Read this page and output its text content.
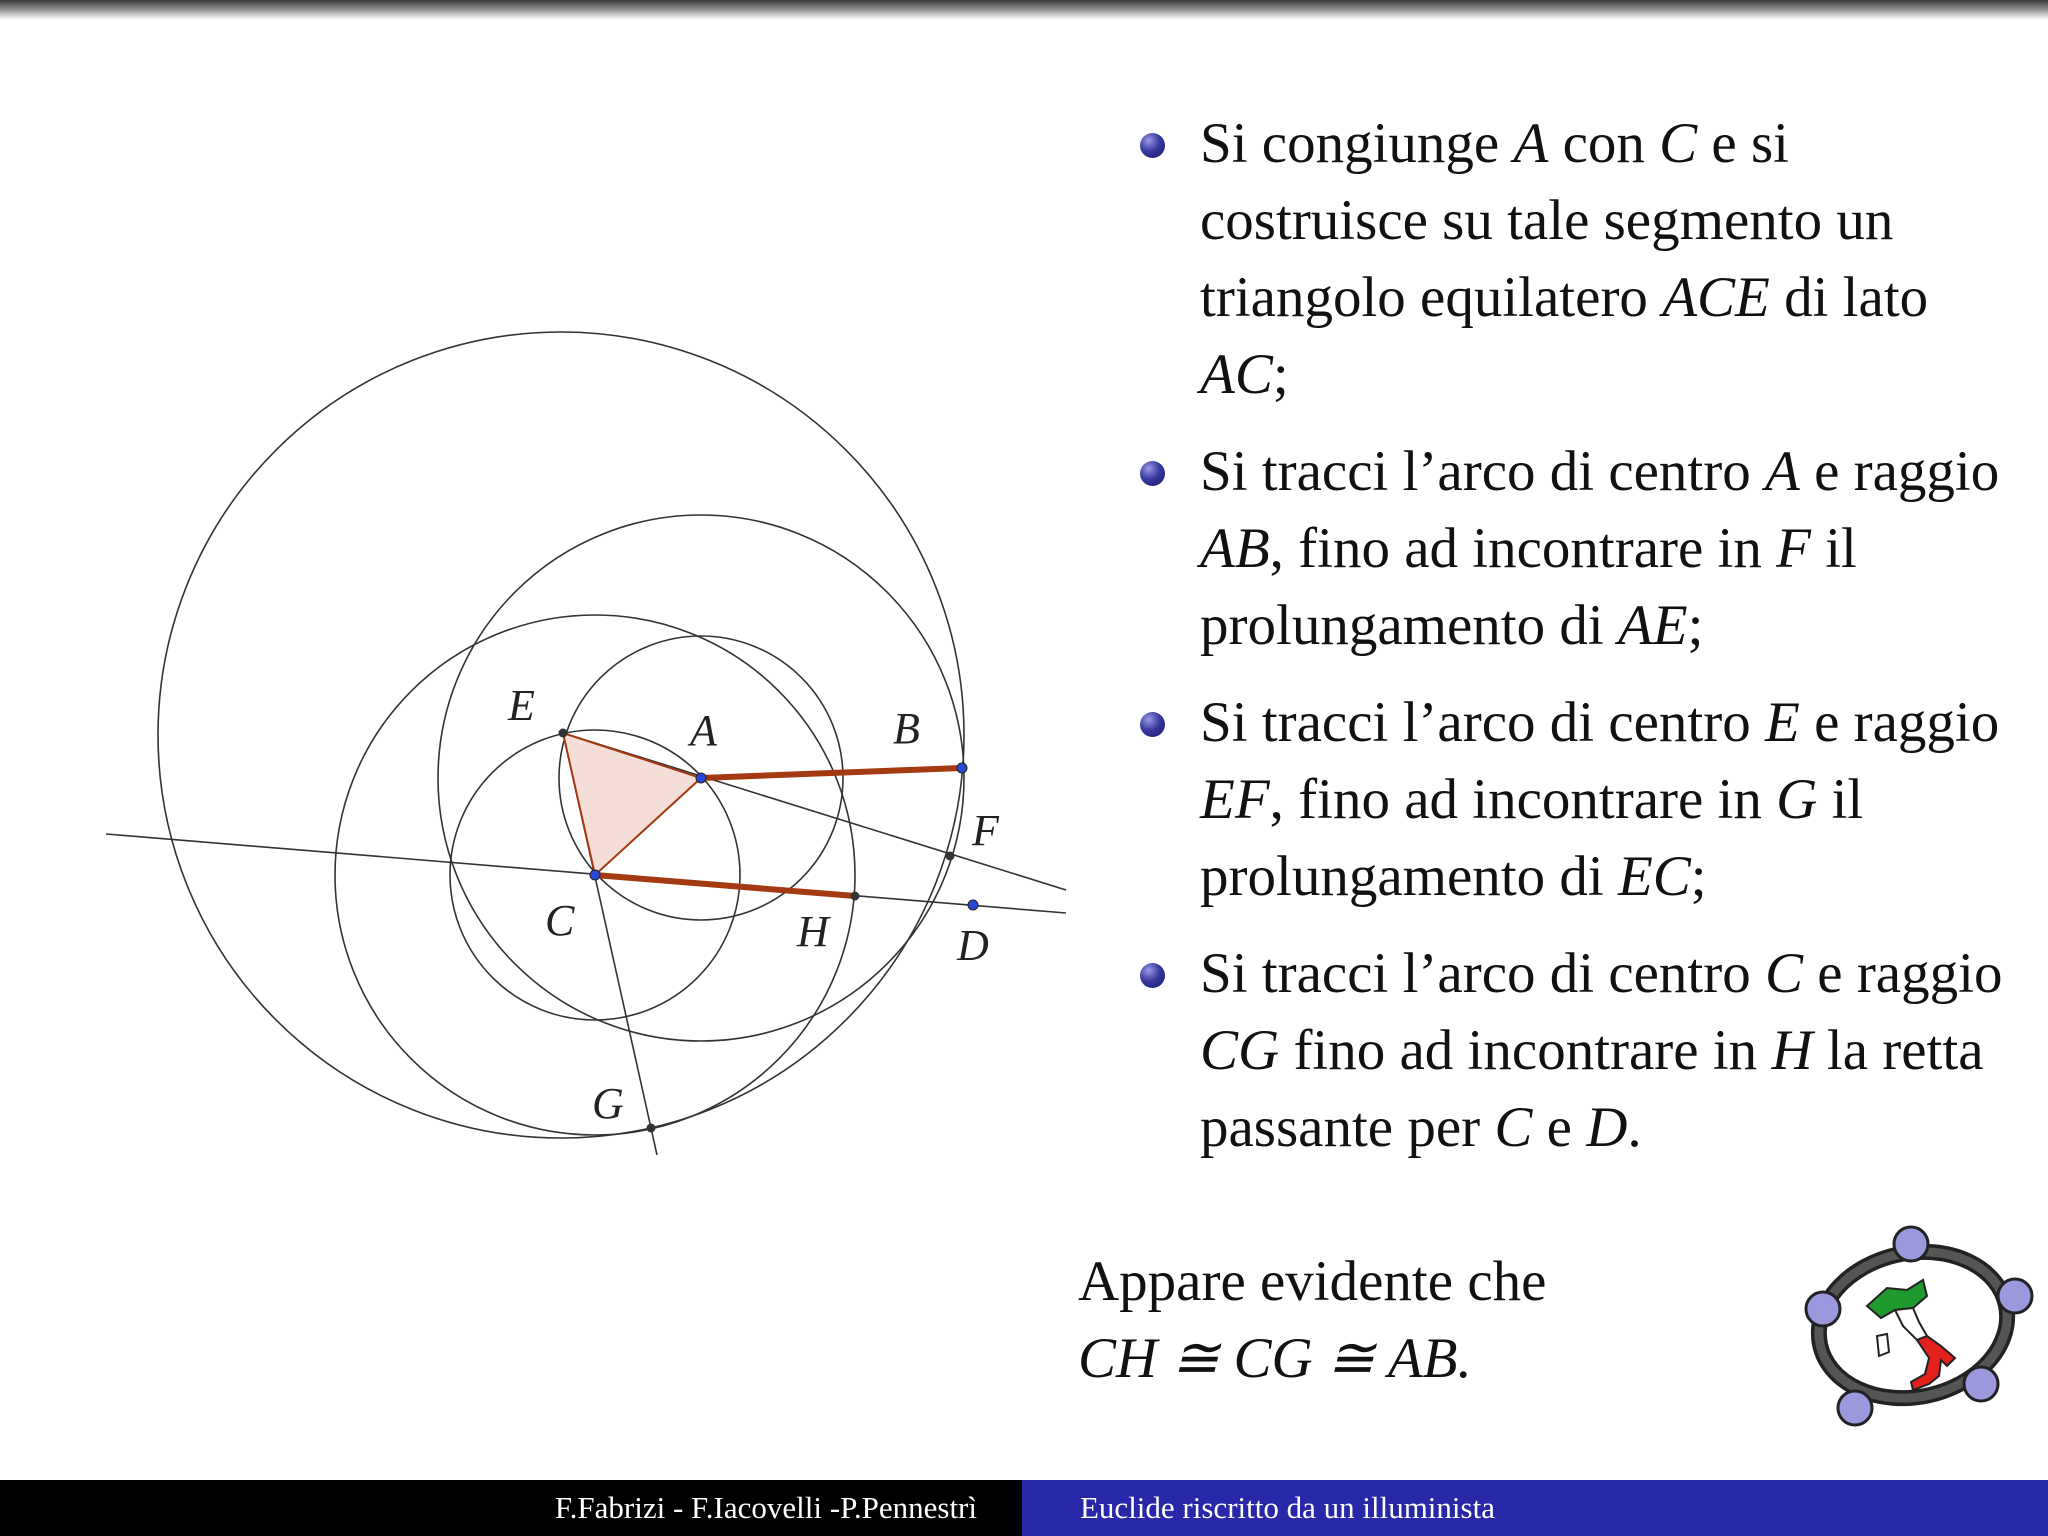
E
A	B
F
C	H	D
G
Si congiunge A con C e si costruisce su tale segmento un triangolo equilatero ACE di lato AC;
Si tracci l’arco di centro A e raggio AB, fino ad incontrare in F il prolungamento di AE;
Si tracci l’arco di centro E e raggio EF, fino ad incontrare in G il prolungamento di EC;
Si tracci l’arco di centro C e raggio CG fino ad incontrare in H la retta passante per C e D.
Appare evidente che
CH ≅ CG ≅ AB.
F.Fabrizi - F.Iacovelli -P.Pennestrì	Euclide riscritto da un illuminista
